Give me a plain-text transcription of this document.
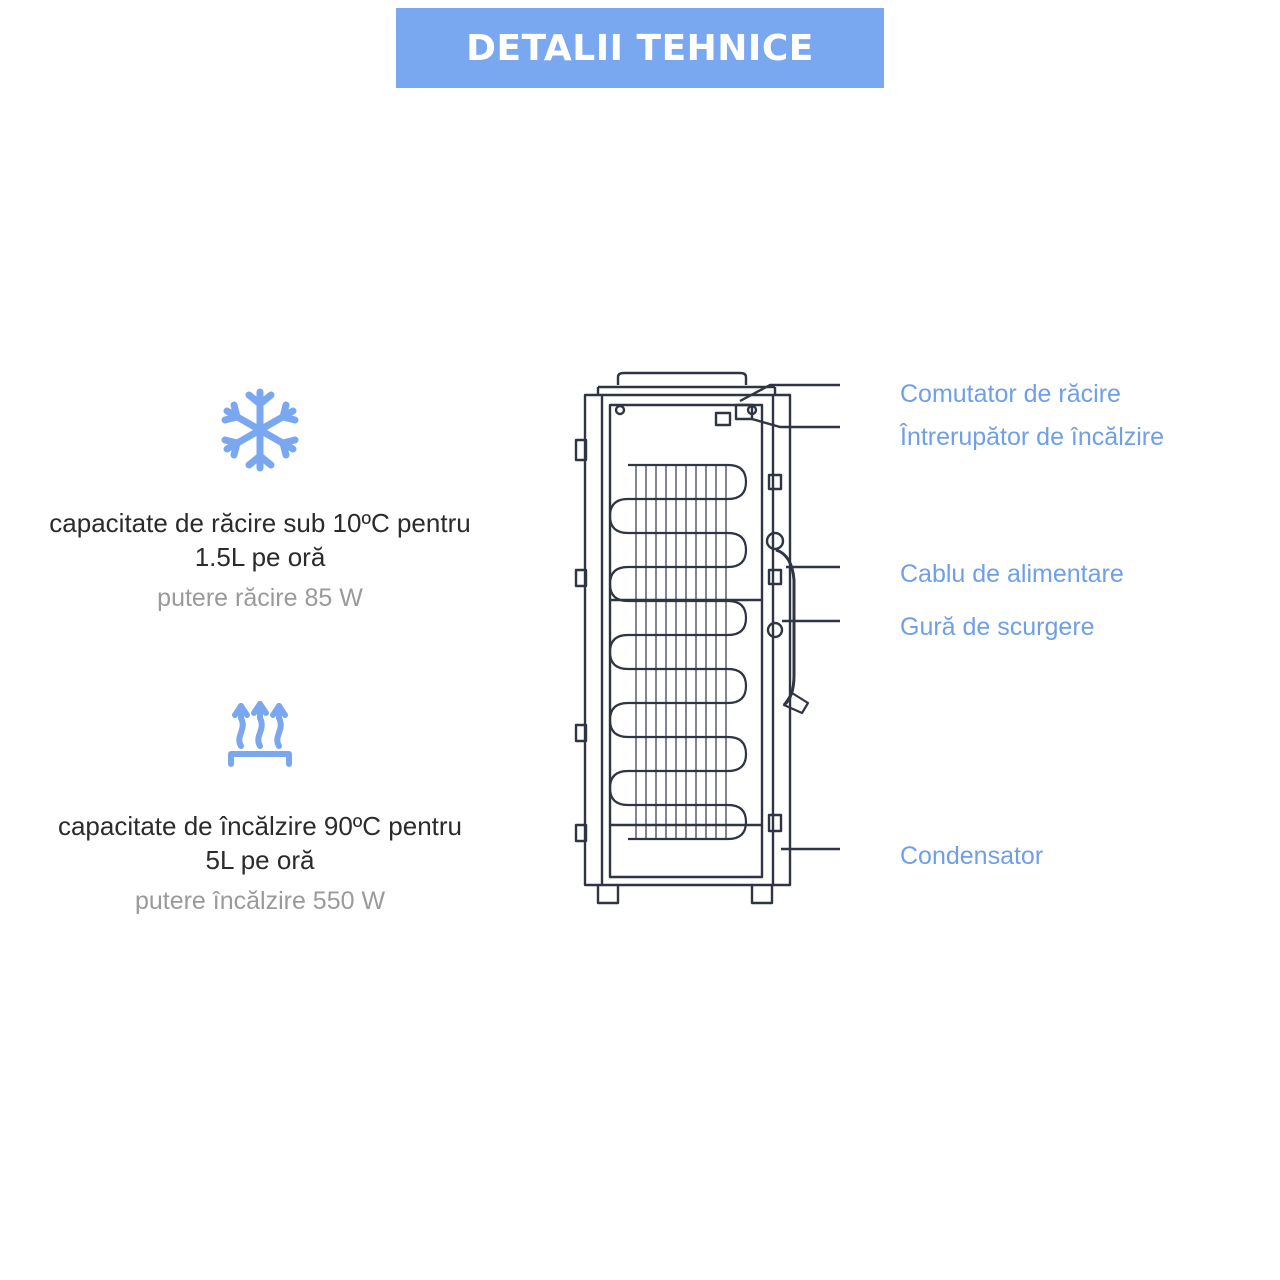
DETALII TEHNICE
capacitate de răcire sub 10ºC pentru 1.5L pe oră
putere răcire 85 W
capacitate de încălzire 90ºC pentru 5L pe oră
putere încălzire 550 W
Comutator de răcire
Întrerupător de încălzire
Cablu de alimentare
Gură de scurgere
Condensator
